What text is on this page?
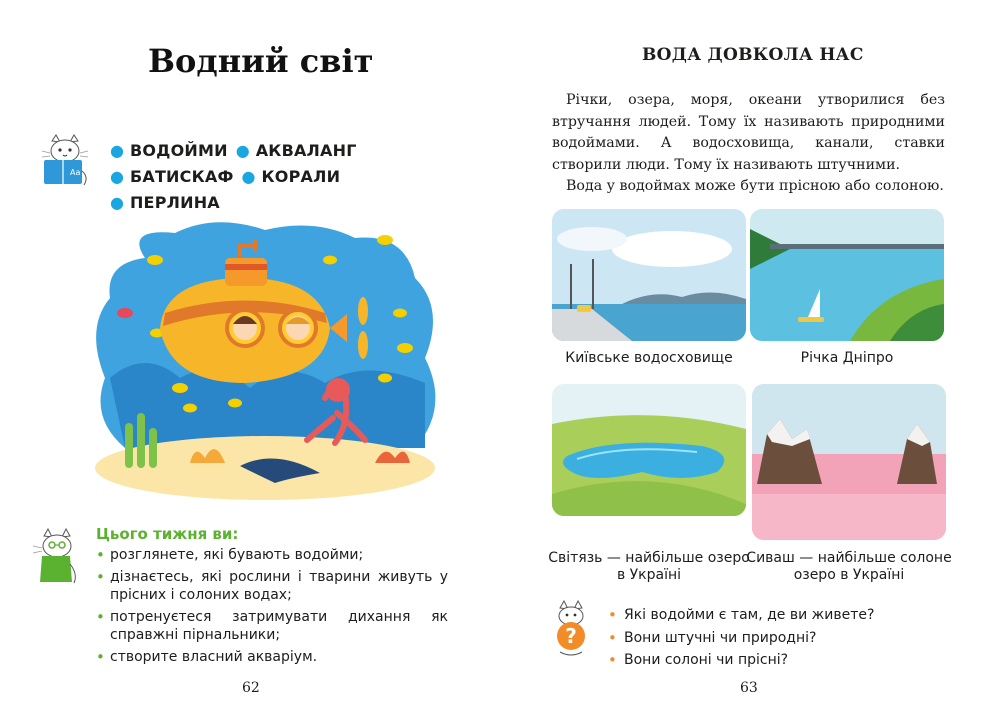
Водний світ
Aa
● ВОДОЙМИ ● АКВАЛАНГ
● БАТИСКАФ ● КОРАЛИ
● ПЕРЛИНА
Цього тижня ви:
• розглянете, які бувають водойми;
• дізнаєтесь, які рослини і тварини живуть у прісних і солоних водах;
• потренуєтеся затримувати дихання як справжні пірнальники;
• створите власний акваріум.
62
ВОДА ДОВКОЛА НАС

Річки, озера, моря, океани утворилися без втручання людей. Тому їх називають природними водоймами. А водосховища, канали, ставки створили люди. Тому їх називають штучними.

Вода у водоймах може бути прісною або солоною.

Київське водосховище	Річка Дніпро
Світязь — найбільше озеро в Україні
Сиваш — найбільше солоне озеро в Україні
?
• Які водойми є там, де ви живете?
• Вони штучні чи природні?
• Вони солоні чи прісні?
63
